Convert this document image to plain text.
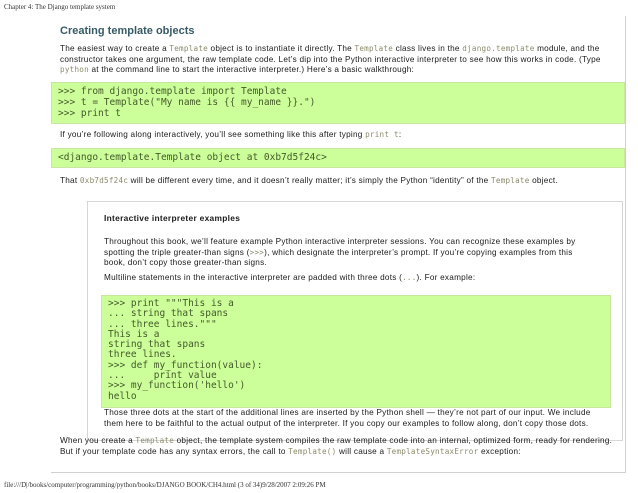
Chapter 4: The Django template system
Creating template objects

The easiest way to create a Template object is to instantiate it directly. The Template class lives in the django.template module, and the constructor takes one argument, the raw template code. Let’s dip into the Python interactive interpreter to see how this works in code. (Type python at the command line to start the interactive interpreter.) Here’s a basic walkthrough:

>>> from django.template import Template
>>> t = Template("My name is {{ my_name }}.")
>>> print t

If you’re following along interactively, you’ll see something like this after typing print t:

<django.template.Template object at 0xb7d5f24c>

That 0xb7d5f24c will be different every time, and it doesn’t really matter; it’s simply the Python “identity” of the Template object.

Interactive interpreter examples

Throughout this book, we’ll feature example Python interactive interpreter sessions. You can recognize these examples by spotting the triple greater-than signs (>>>), which designate the interpreter’s prompt. If you’re copying examples from this book, don’t copy those greater-than signs.

Multiline statements in the interactive interpreter are padded with three dots (...). For example:

>>> print """This is a
... string that spans
... three lines."""
This is a
string that spans
three lines.
>>> def my_function(value):
...     print value
>>> my_function('hello')
hello

Those three dots at the start of the additional lines are inserted by the Python shell — they’re not part of our input. We include them here to be faithful to the actual output of the interpreter. If you copy our examples to follow along, don’t copy those dots.

When you create a Template object, the template system compiles the raw template code into an internal, optimized form, ready for rendering. But if your template code has any syntax errors, the call to Template() will cause a TemplateSyntaxError exception:

file:///D|/books/computer/programming/python/books/DJANGO BOOK/CH4.html (3 of 34)9/28/2007 2:09:26 PM
